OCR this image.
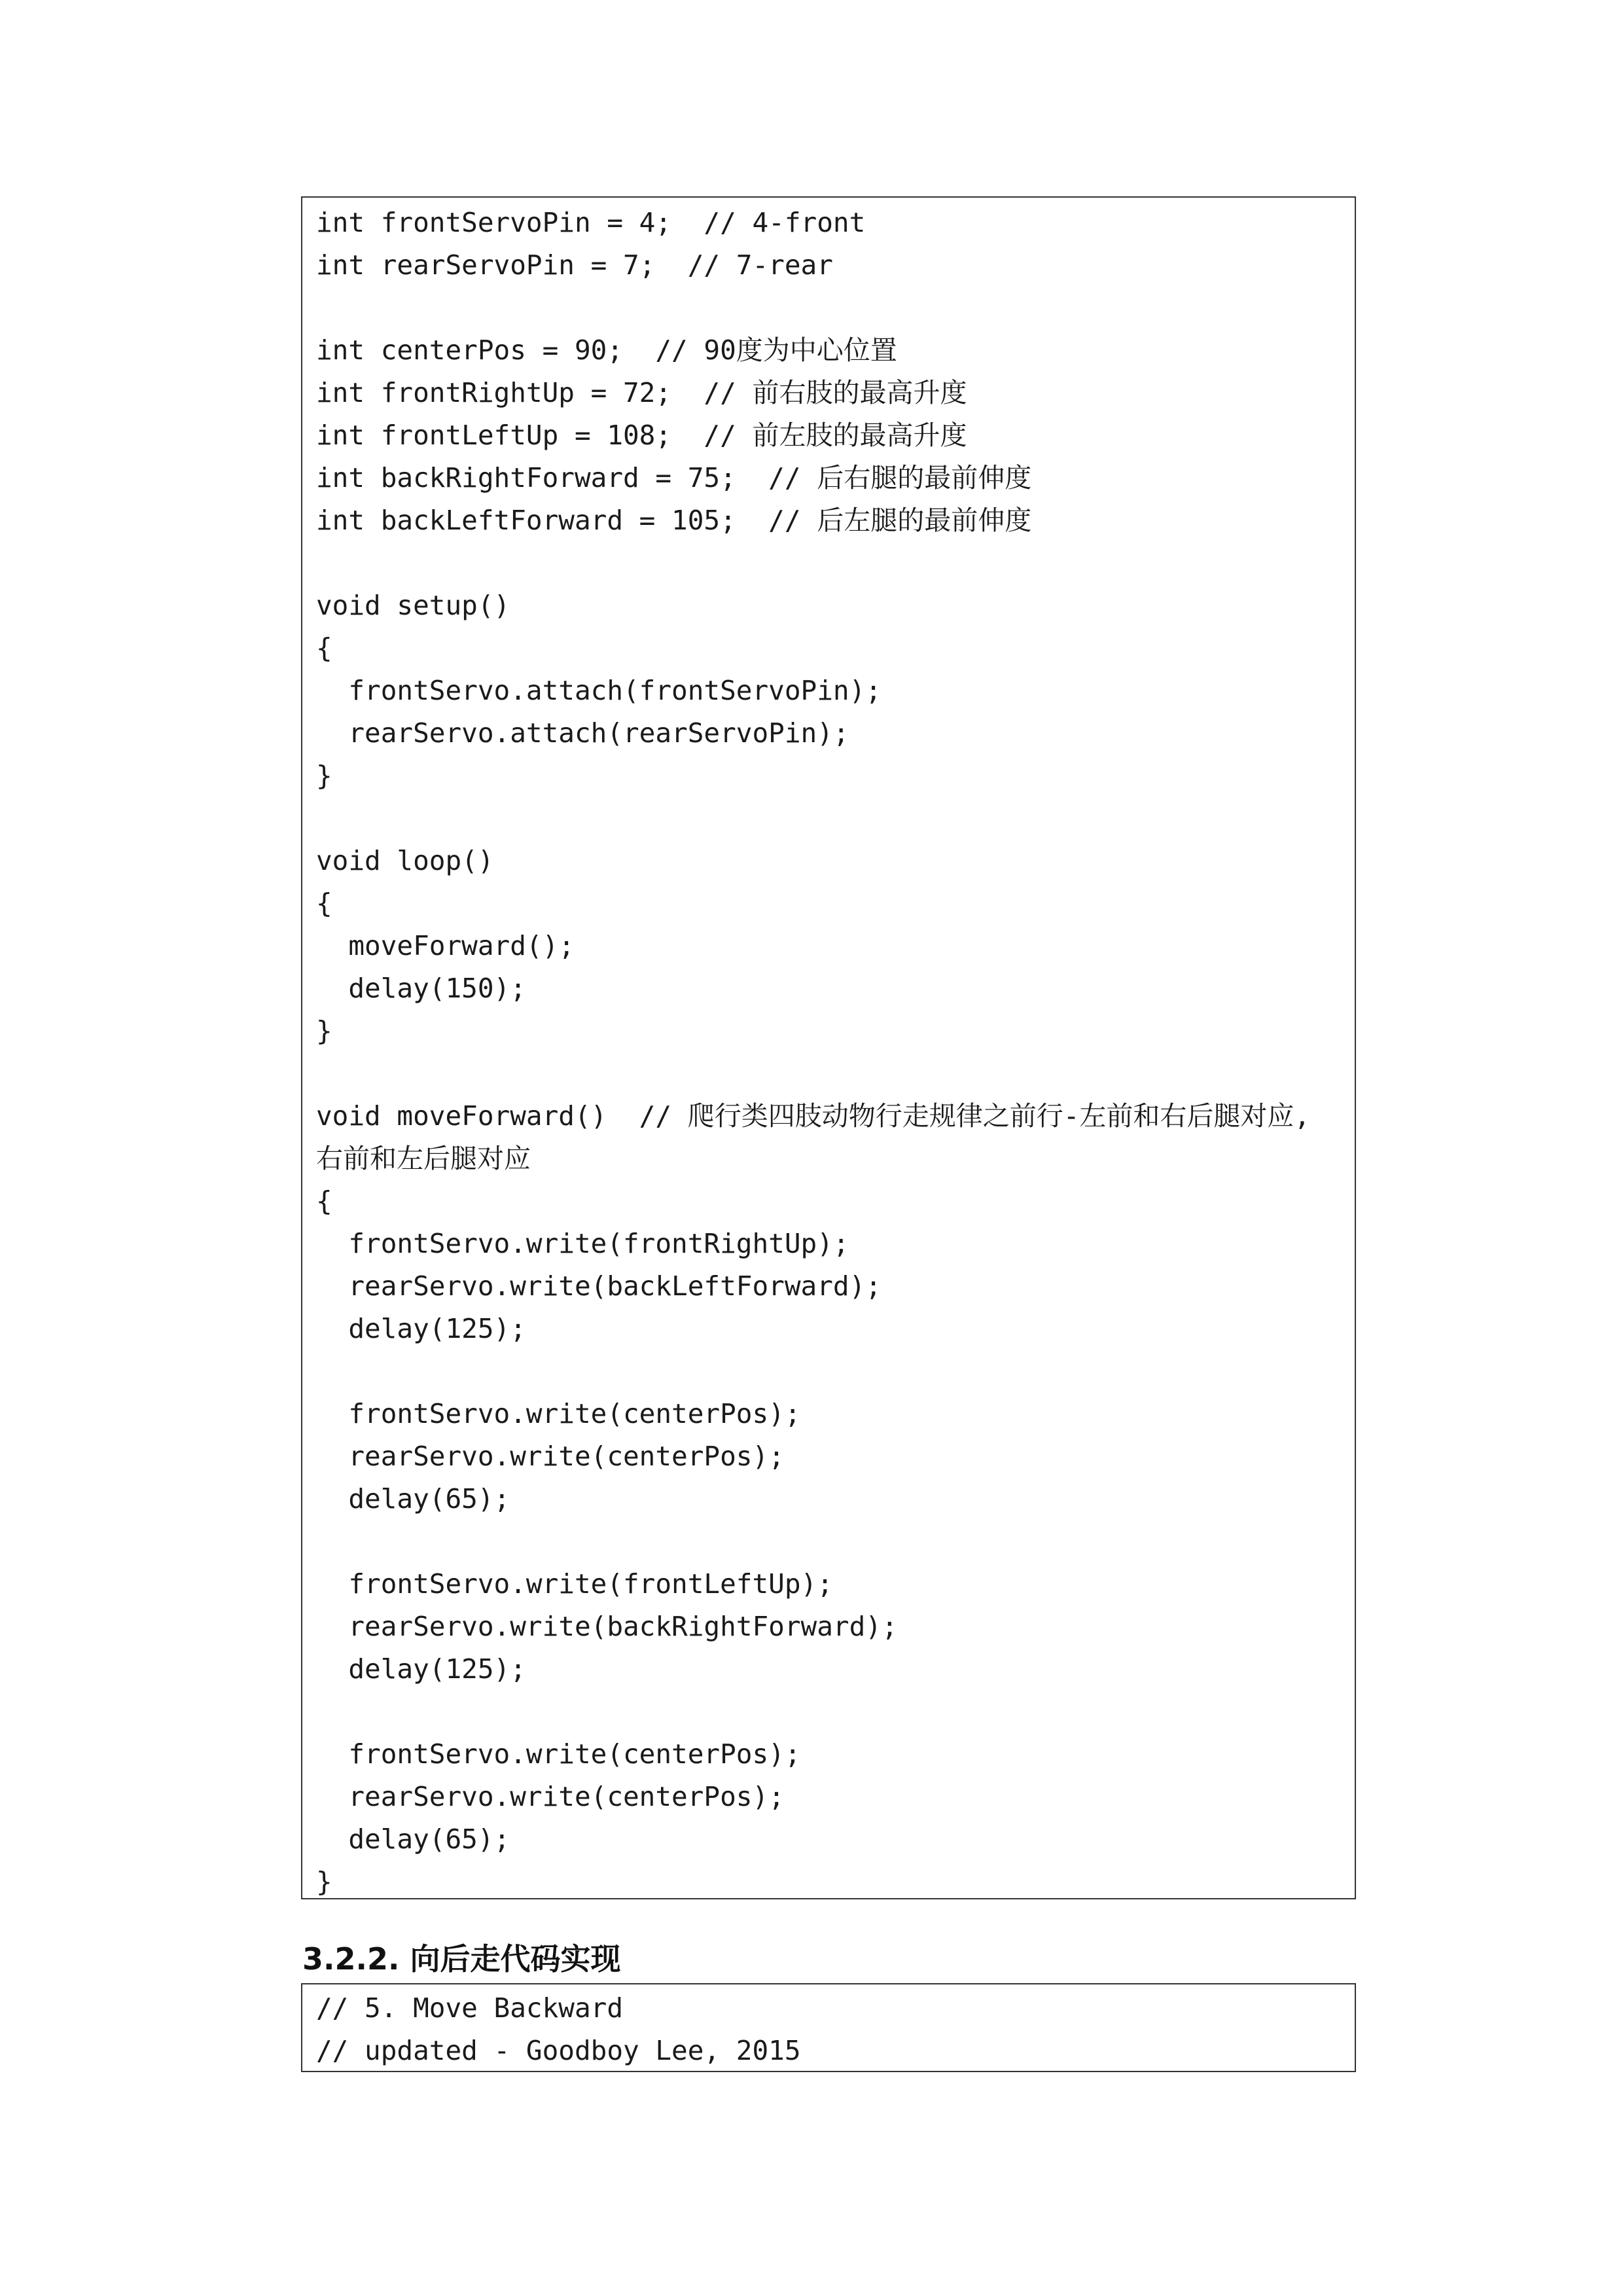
int frontServoPin = 4;  // 4-front
int rearServoPin = 7;  // 7-rear
int centerPos = 90;  // 90度为中心位置
int frontRightUp = 72;  // 前右肢的最高升度
int frontLeftUp = 108;  // 前左肢的最高升度
int backRightForward = 75;  // 后右腿的最前伸度
int backLeftForward = 105;  // 后左腿的最前伸度
void setup()
{
frontServo.attach(frontServoPin);
rearServo.attach(rearServoPin);
}
void loop()
{
moveForward();
delay(150);
}
void moveForward()  // 爬行类四肢动物行走规律之前行-左前和右后腿对应,
右前和左后腿对应
{
frontServo.write(frontRightUp);
rearServo.write(backLeftForward);
delay(125);
frontServo.write(centerPos);
rearServo.write(centerPos);
delay(65);
frontServo.write(frontLeftUp);
rearServo.write(backRightForward);
delay(125);
frontServo.write(centerPos);
rearServo.write(centerPos);
delay(65);
}
3.2.2. 向后走代码实现
// 5. Move Backward
// updated - Goodboy Lee, 2015
